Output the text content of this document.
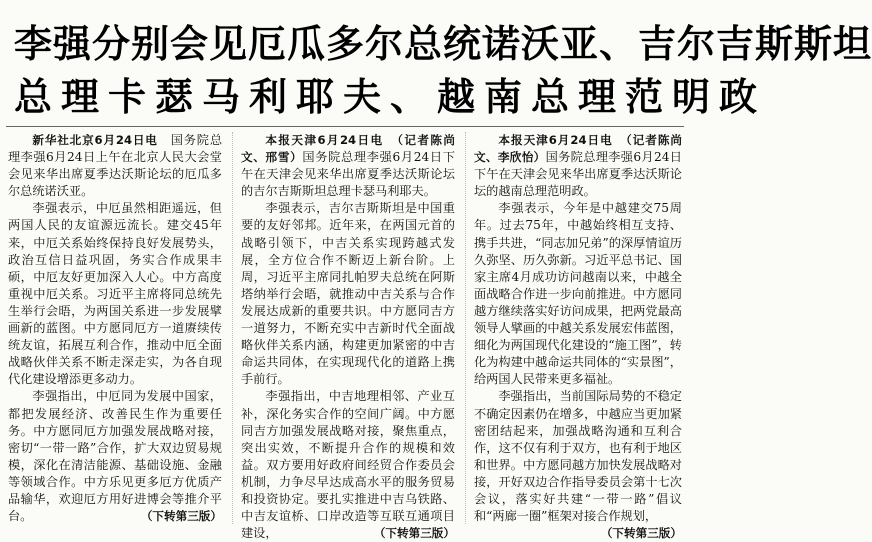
李强分别会见厄瓜多尔总统诺沃亚、吉尔吉斯斯坦
总理卡瑟马利耶夫、越南总理范明政

新华社北京6月24日电　 国务院总理李强6月24日上午在北京人民大会堂会见来华出席夏季达沃斯论坛的厄瓜多尔总统诺沃亚。

李强表示，中厄虽然相距遥远，但两国人民的友谊源远流长。建交45年来，中厄关系始终保持良好发展势头，政治互信日益巩固，务实合作成果丰硕，中厄友好更加深入人心。中方高度重视中厄关系。习近平主席将同总统先生举行会晤，为两国关系进一步发展擘画新的蓝图。中方愿同厄方一道赓续传统友谊，拓展互利合作，推动中厄全面战略伙伴关系不断走深走实，为各自现代化建设增添更多动力。

李强指出，中厄同为发展中国家，都把发展经济、改善民生作为重要任务。中方愿同厄方加强发展战略对接，密切“一带一路”合作，扩大双边贸易规模，深化在清洁能源、基础设施、金融等领域合作。中方乐见更多厄方优质产品输华，欢迎厄方用好进博会等推介平台。	（下转第三版）

本报天津6月24日电　 （记者陈尚文、邢雪）国务院总理李强6月24日下午在天津会见来华出席夏季达沃斯论坛的吉尔吉斯斯坦总理卡瑟马利耶夫。

李强表示，吉尔吉斯斯坦是中国重要的友好邻邦。近年来，在两国元首的战略引领下，中吉关系实现跨越式发展，全方位合作不断迈上新台阶。上周，习近平主席同扎帕罗夫总统在阿斯塔纳举行会晤，就推动中吉关系与合作发展达成新的重要共识。中方愿同吉方一道努力，不断充实中吉新时代全面战略伙伴关系内涵，构建更加紧密的中吉命运共同体，在实现现代化的道路上携手前行。

李强指出，中吉地理相邻、产业互补，深化务实合作的空间广阔。中方愿同吉方加强发展战略对接，聚焦重点，突出实效，不断提升合作的规模和效益。双方要用好政府间经贸合作委员会机制，力争尽早达成高水平的服务贸易和投资协定。要扎实推进中吉乌铁路、中吉友谊桥、口岸改造等互联互通项目建设，	（下转第三版）

本报天津6月24日电　 （记者陈尚文、李欣怡）国务院总理李强6月24日下午在天津会见来华出席夏季达沃斯论坛的越南总理范明政。

李强表示，今年是中越建交75周年。过去75年，中越始终相互支持、携手共进，“同志加兄弟”的深厚情谊历久弥坚、历久弥新。习近平总书记、国家主席4月成功访问越南以来，中越全面战略合作进一步向前推进。中方愿同越方继续落实好访问成果，把两党最高领导人擘画的中越关系发展宏伟蓝图，细化为两国现代化建设的“施工图”，转化为构建中越命运共同体的“实景图”，给两国人民带来更多福祉。

李强指出，当前国际局势的不稳定不确定因素仍在增多，中越应当更加紧密团结起来，加强战略沟通和互利合作，这不仅有利于双方，也有利于地区和世界。中方愿同越方加快发展战略对接，开好双边合作指导委员会第十七次会议，落实好共建“一带一路”倡议和“两廊一圈”框架对接合作规划，
（下转第三版）
